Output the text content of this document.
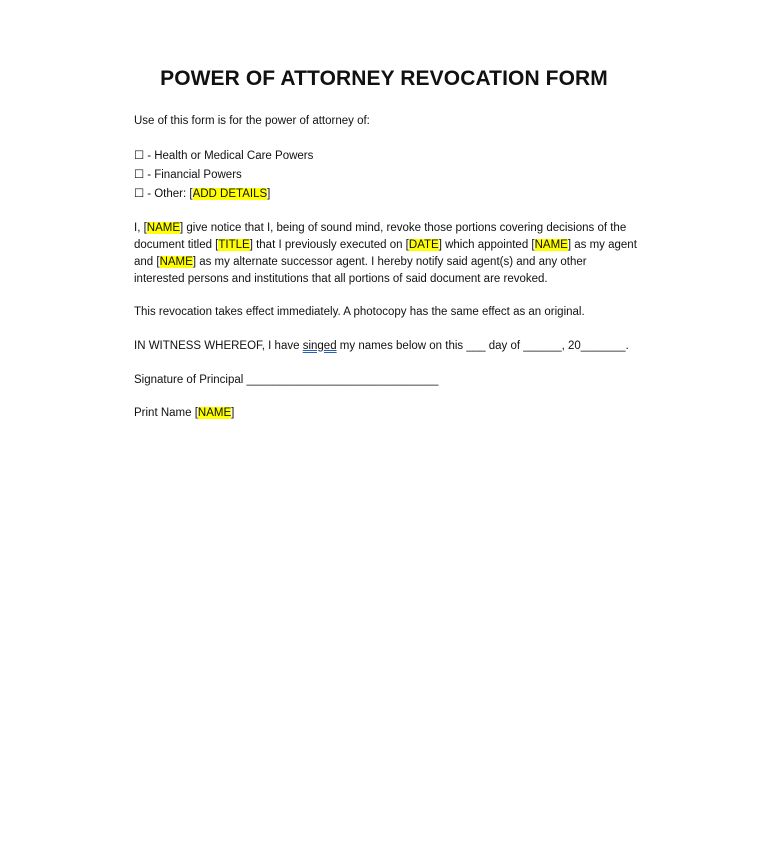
POWER OF ATTORNEY REVOCATION FORM
Use of this form is for the power of attorney of:
☐ - Health or Medical Care Powers
☐ - Financial Powers
☐ - Other: [ADD DETAILS]
I, [NAME] give notice that I, being of sound mind, revoke those portions covering decisions of the document titled [TITLE] that I previously executed on [DATE] which appointed [NAME] as my agent and [NAME] as my alternate successor agent. I hereby notify said agent(s) and any other interested persons and institutions that all portions of said document are revoked.
This revocation takes effect immediately. A photocopy has the same effect as an original.
IN WITNESS WHEREOF, I have singed my names below on this ___ day of ______, 20_______.
Signature of Principal ______________________________
Print Name [NAME]
